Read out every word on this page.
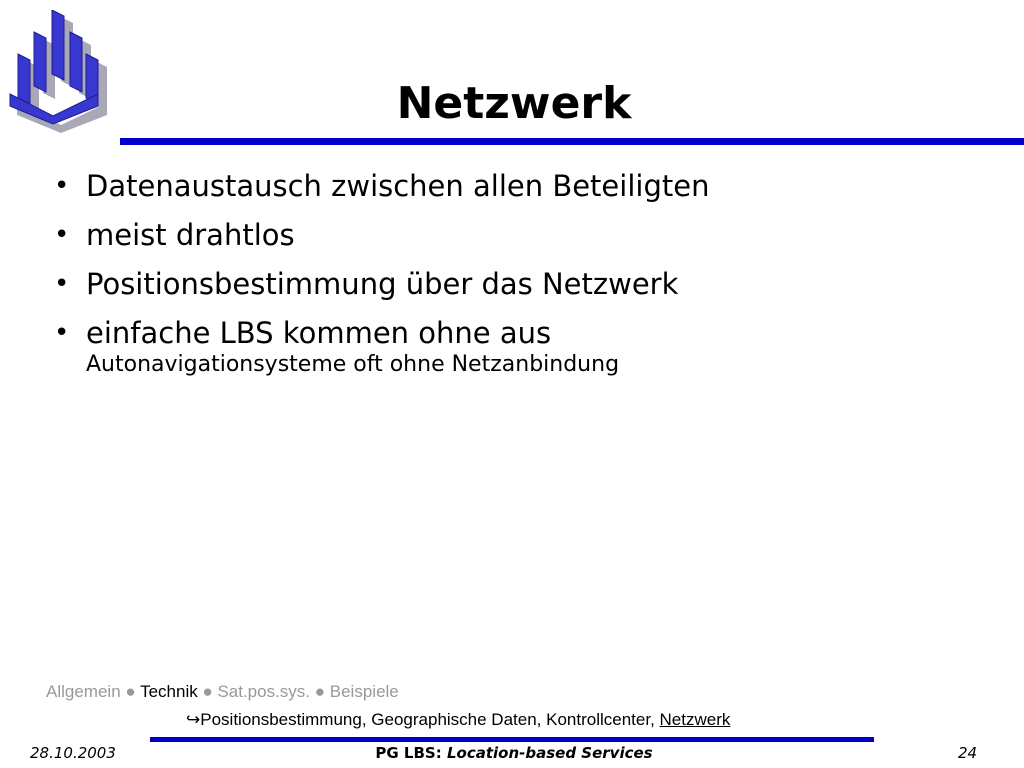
Netzwerk
• Datenaustausch zwischen allen Beteiligten
• meist drahtlos
• Positionsbestimmung über das Netzwerk
• einfache LBS kommen ohne aus
Autonavigationsysteme oft ohne Netzanbindung
Allgemein ● Technik ● Sat.pos.sys. ● Beispiele
↪Positionsbestimmung, Geographische Daten, Kontrollcenter, Netzwerk
28.10.2003	PG LBS: Location-based Services	24
